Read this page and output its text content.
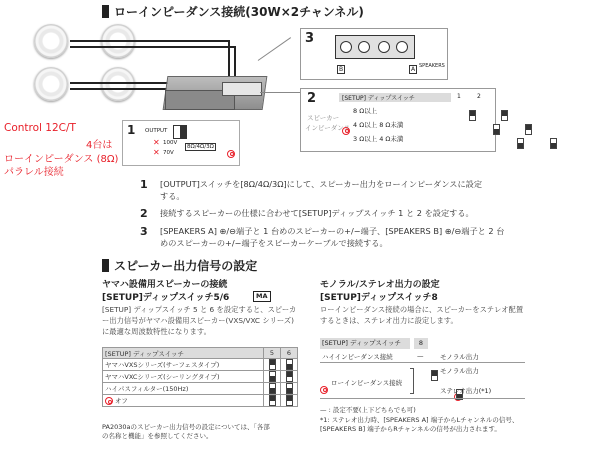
ローインピーダンス接続(30W×2チャンネル)
Control 12C/T
4台は
ローインピーダンス (8Ω)
パラレル接続
1 OUTPUT
✕ 100V
✕ 70V
8Ω/4Ω/3Ω
3
B	SPEAKERS
A
2	[SETUP] ディップスイッチ	1	2
スピーカー
インピーダンス
8 Ω以上

4 Ω以上 8 Ω未満
3 Ω以上 4 Ω未満

1 [OUTPUT]スイッチを[8Ω/4Ω/3Ω]にして、スピーカー出力をローインピーダンスに設定する。
2 接続するスピーカーの仕様に合わせて[SETUP]ディップスイッチ 1 と 2 を設定する。
3 [SPEAKERS A] ⊕/⊖端子と 1 台めのスピーカーの+/−端子、[SPEAKERS B] ⊕/⊖端子と 2 台めのスピーカーの+/−端子をスピーカーケーブルで接続する。
スピーカー出力信号の設定
ヤマハ設備用スピーカーの接続
[SETUP]ディップスイッチ5/6	MA
[SETUP] ディップスイッチ 5 と 6 を設定すると、スピーカー出力信号がヤマハ設備用スピーカー(VXS/VXC シリーズ)に最適な周波数特性になります。
[SETUP] ディップスイッチ	5	6
ヤマハVXSシリーズ(サーフェスタイプ)	

ヤマハVXCシリーズ(シーリングタイプ)	

ハイパスフィルター(150Hz)	

オフ	

PA2030aのスピーカー出力信号の設定については、「各部の名称と機能」を参照してください。
モノラル/ステレオ出力の設定
[SETUP]ディップスイッチ8
ローインピーダンス接続の場合に、スピーカーをステレオ配置するときは、ステレオ出力に設定します。
[SETUP] ディップスイッチ	8
ハイインピーダンス接続	—	モノラル出力

ローインピーダンス接続

モノラル出力

ステレオ出力(*1)
— : 設定不要(上下どちらでも可)
*1: ステレオ出力時、[SPEAKERS A] 端子からLチャンネルの信号、[SPEAKERS B] 端子からRチャンネルの信号が出力されます。
